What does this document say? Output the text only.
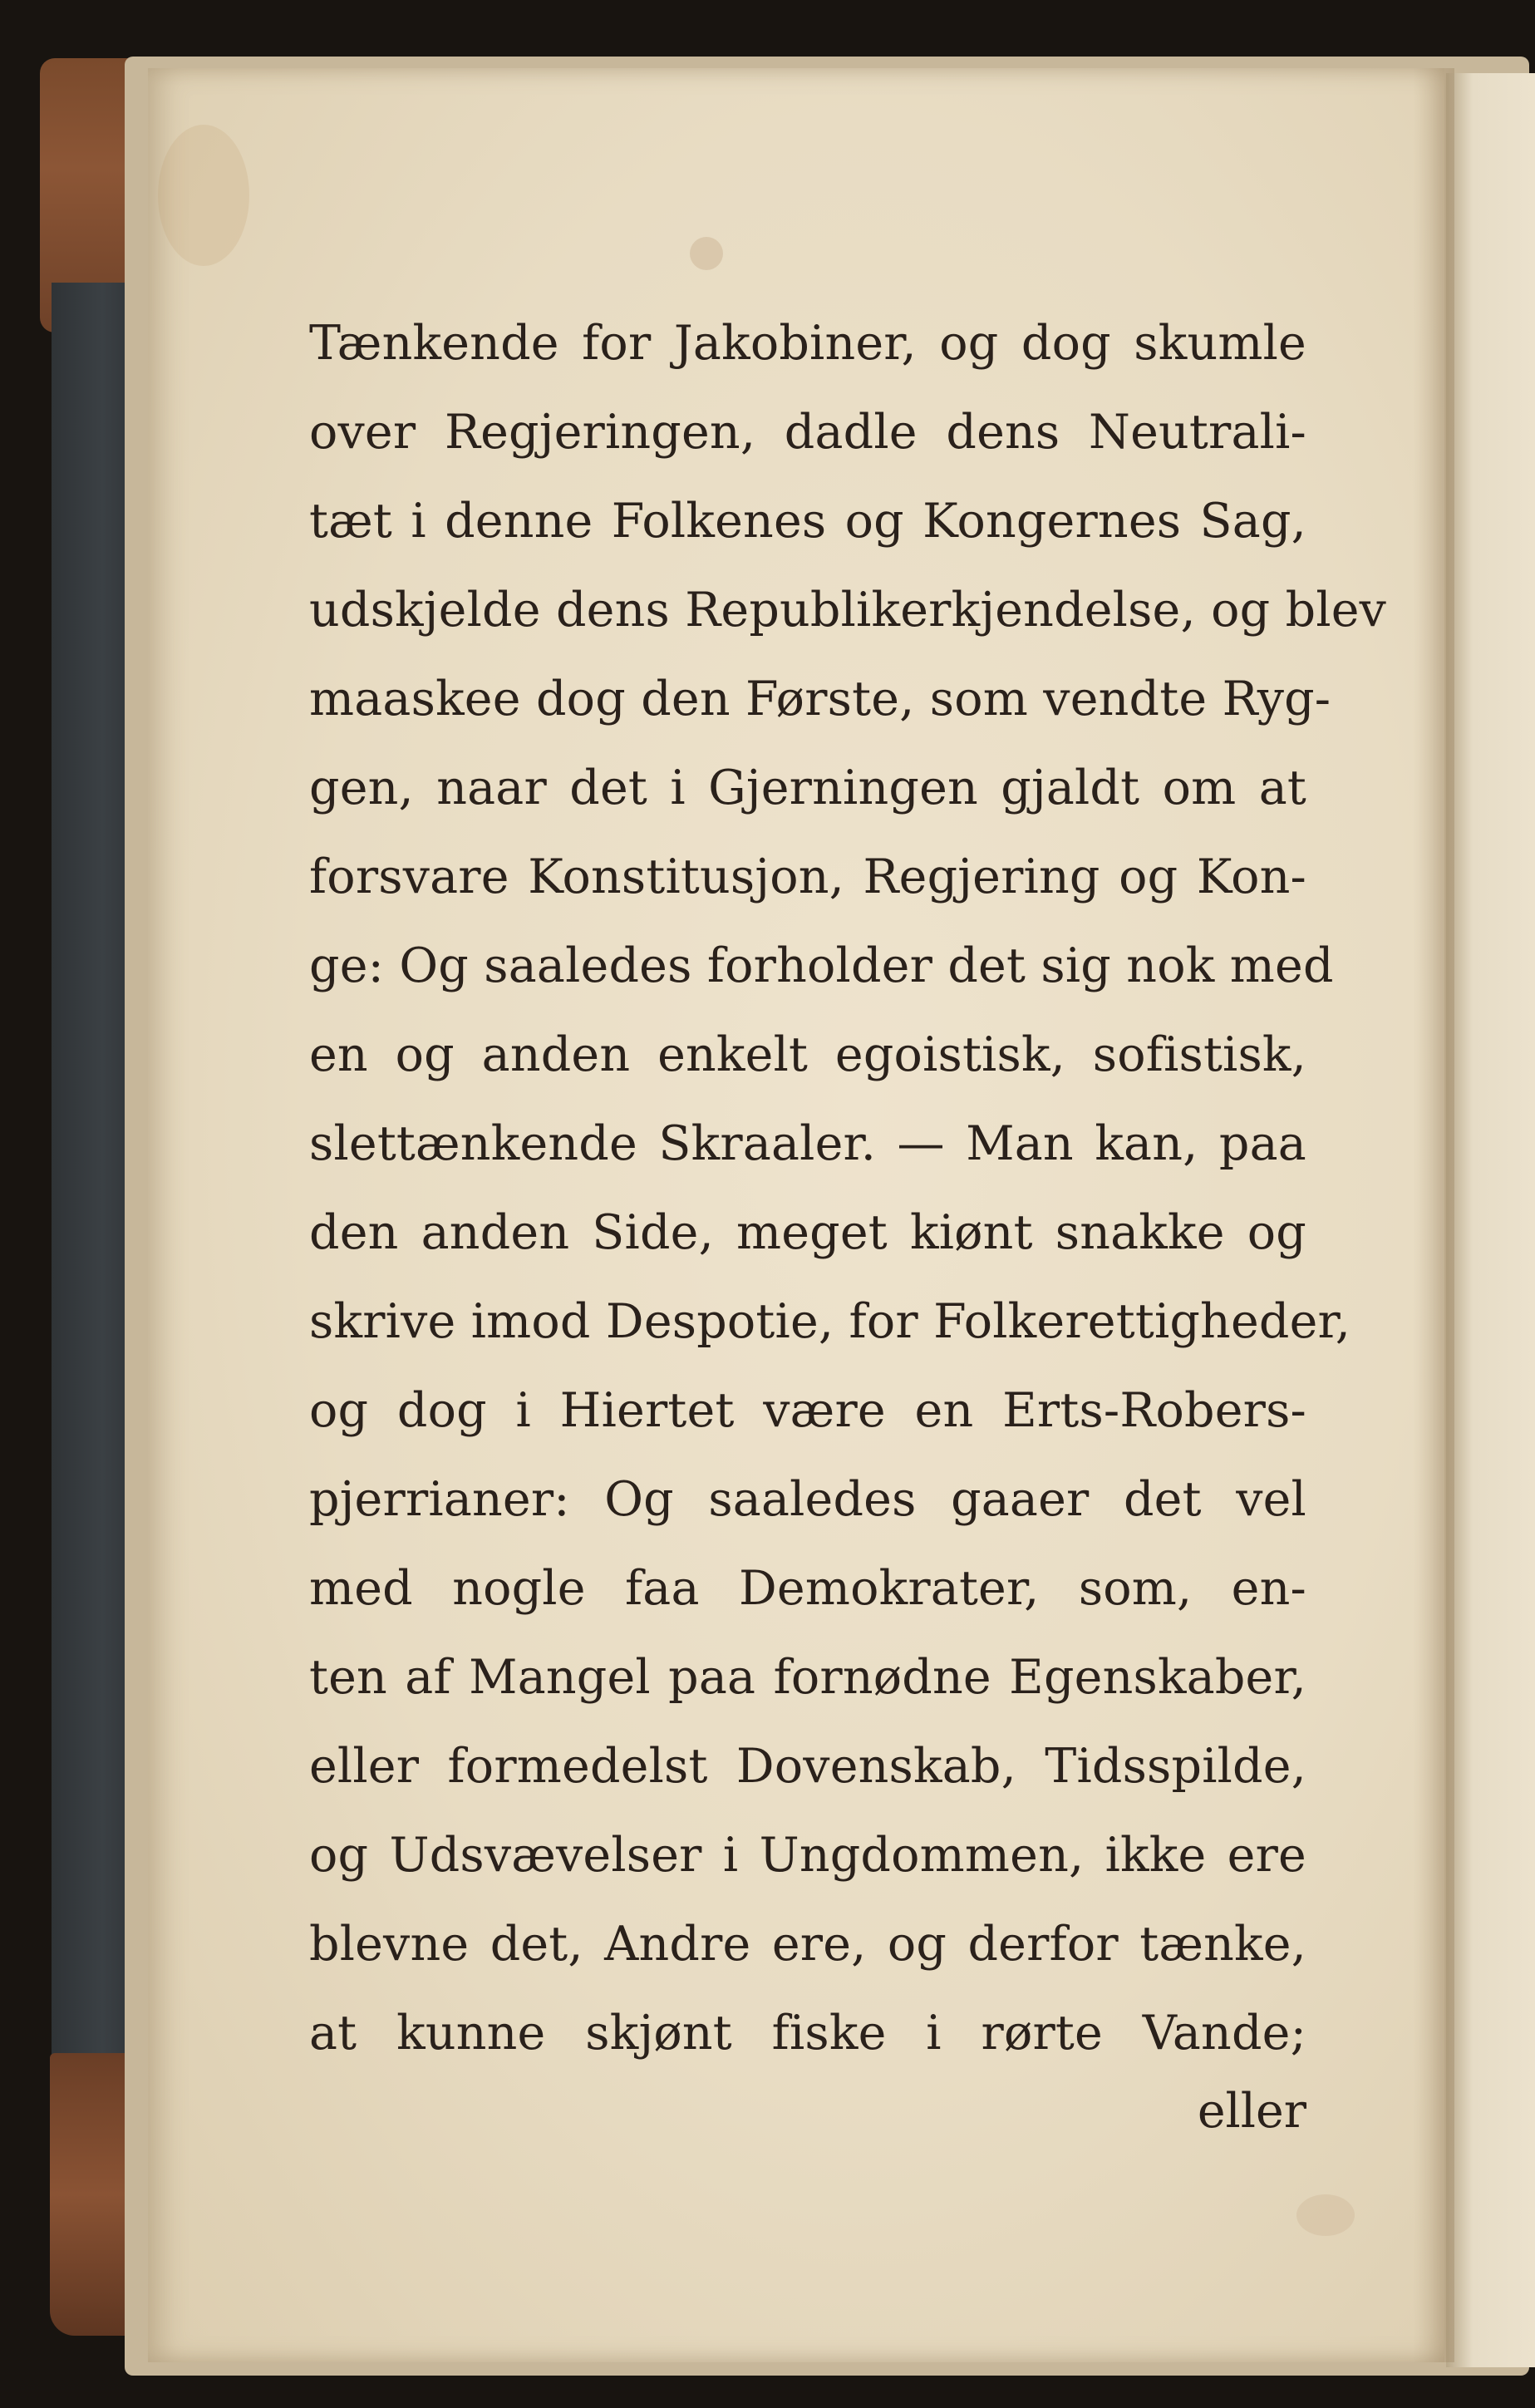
Tænkende for Jakobiner, og dog skumle
over Regjeringen, dadle dens Neutrali-
tæt i denne Folkenes og Kongernes Sag,
udskjelde dens Republikerkjendelse, og blev
maaskee dog den Første, som vendte Ryg-
gen, naar det i Gjerningen gjaldt om at
forsvare Konstitusjon, Regjering og Kon-
ge: Og saaledes forholder det sig nok med
en og anden enkelt egoistisk, sofistisk,
slettænkende Skraaler. — Man kan, paa
den anden Side, meget kiønt snakke og
skrive imod Despotie, for Folkerettigheder,
og dog i Hiertet være en Erts-Robers-
pjerrianer: Og saaledes gaaer det vel
med nogle faa Demokrater, som, en-
ten af Mangel paa fornødne Egenskaber,
eller formedelst Dovenskab, Tidsspilde,
og Udsvævelser i Ungdommen, ikke ere
blevne det, Andre ere, og derfor tænke,
at kunne skjønt fiske i rørte Vande;
eller
